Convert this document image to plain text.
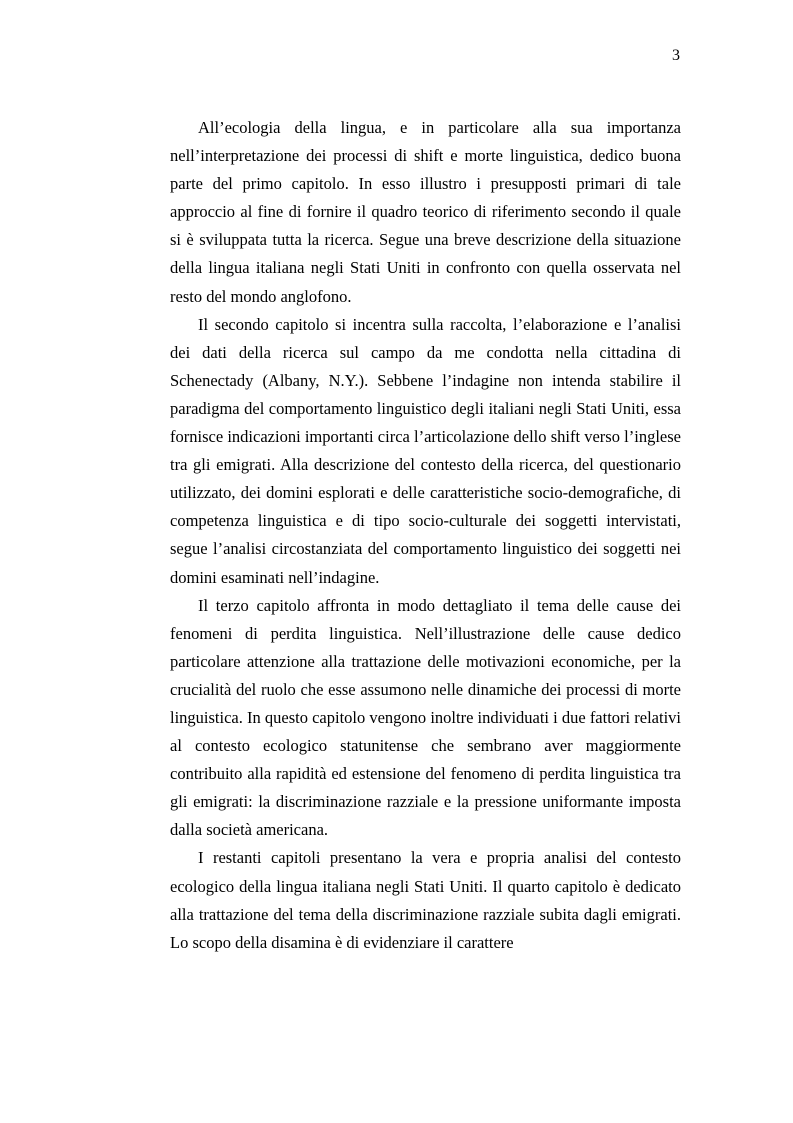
3

All’ecologia della lingua, e in particolare alla sua importanza nell’interpretazione dei processi di shift e morte linguistica, dedico buona parte del primo capitolo. In esso illustro i presupposti primari di tale approccio al fine di fornire il quadro teorico di riferimento secondo il quale si è sviluppata tutta la ricerca. Segue una breve descrizione della situazione della lingua italiana negli Stati Uniti in confronto con quella osservata nel resto del mondo anglofono.

Il secondo capitolo si incentra sulla raccolta, l’elaborazione e l’analisi dei dati della ricerca sul campo da me condotta nella cittadina di Schenectady (Albany, N.Y.). Sebbene l’indagine non intenda stabilire il paradigma del comportamento linguistico degli italiani negli Stati Uniti, essa fornisce indicazioni importanti circa l’articolazione dello shift verso l’inglese tra gli emigrati. Alla descrizione del contesto della ricerca, del questionario utilizzato, dei domini esplorati e delle caratteristiche socio-demografiche, di competenza linguistica e di tipo socio-culturale dei soggetti intervistati, segue l’analisi circostanziata del comportamento linguistico dei soggetti nei domini esaminati nell’indagine.

Il terzo capitolo affronta in modo dettagliato il tema delle cause dei fenomeni di perdita linguistica. Nell’illustrazione delle cause dedico particolare attenzione alla trattazione delle motivazioni economiche, per la crucialità del ruolo che esse assumono nelle dinamiche dei processi di morte linguistica. In questo capitolo vengono inoltre individuati i due fattori relativi al contesto ecologico statunitense che sembrano aver maggiormente contribuito alla rapidità ed estensione del fenomeno di perdita linguistica tra gli emigrati: la discriminazione razziale e la pressione uniformante imposta dalla società americana.

I restanti capitoli presentano la vera e propria analisi del contesto ecologico della lingua italiana negli Stati Uniti. Il quarto capitolo è dedicato alla trattazione del tema della discriminazione razziale subita dagli emigrati. Lo scopo della disamina è di evidenziare il carattere
